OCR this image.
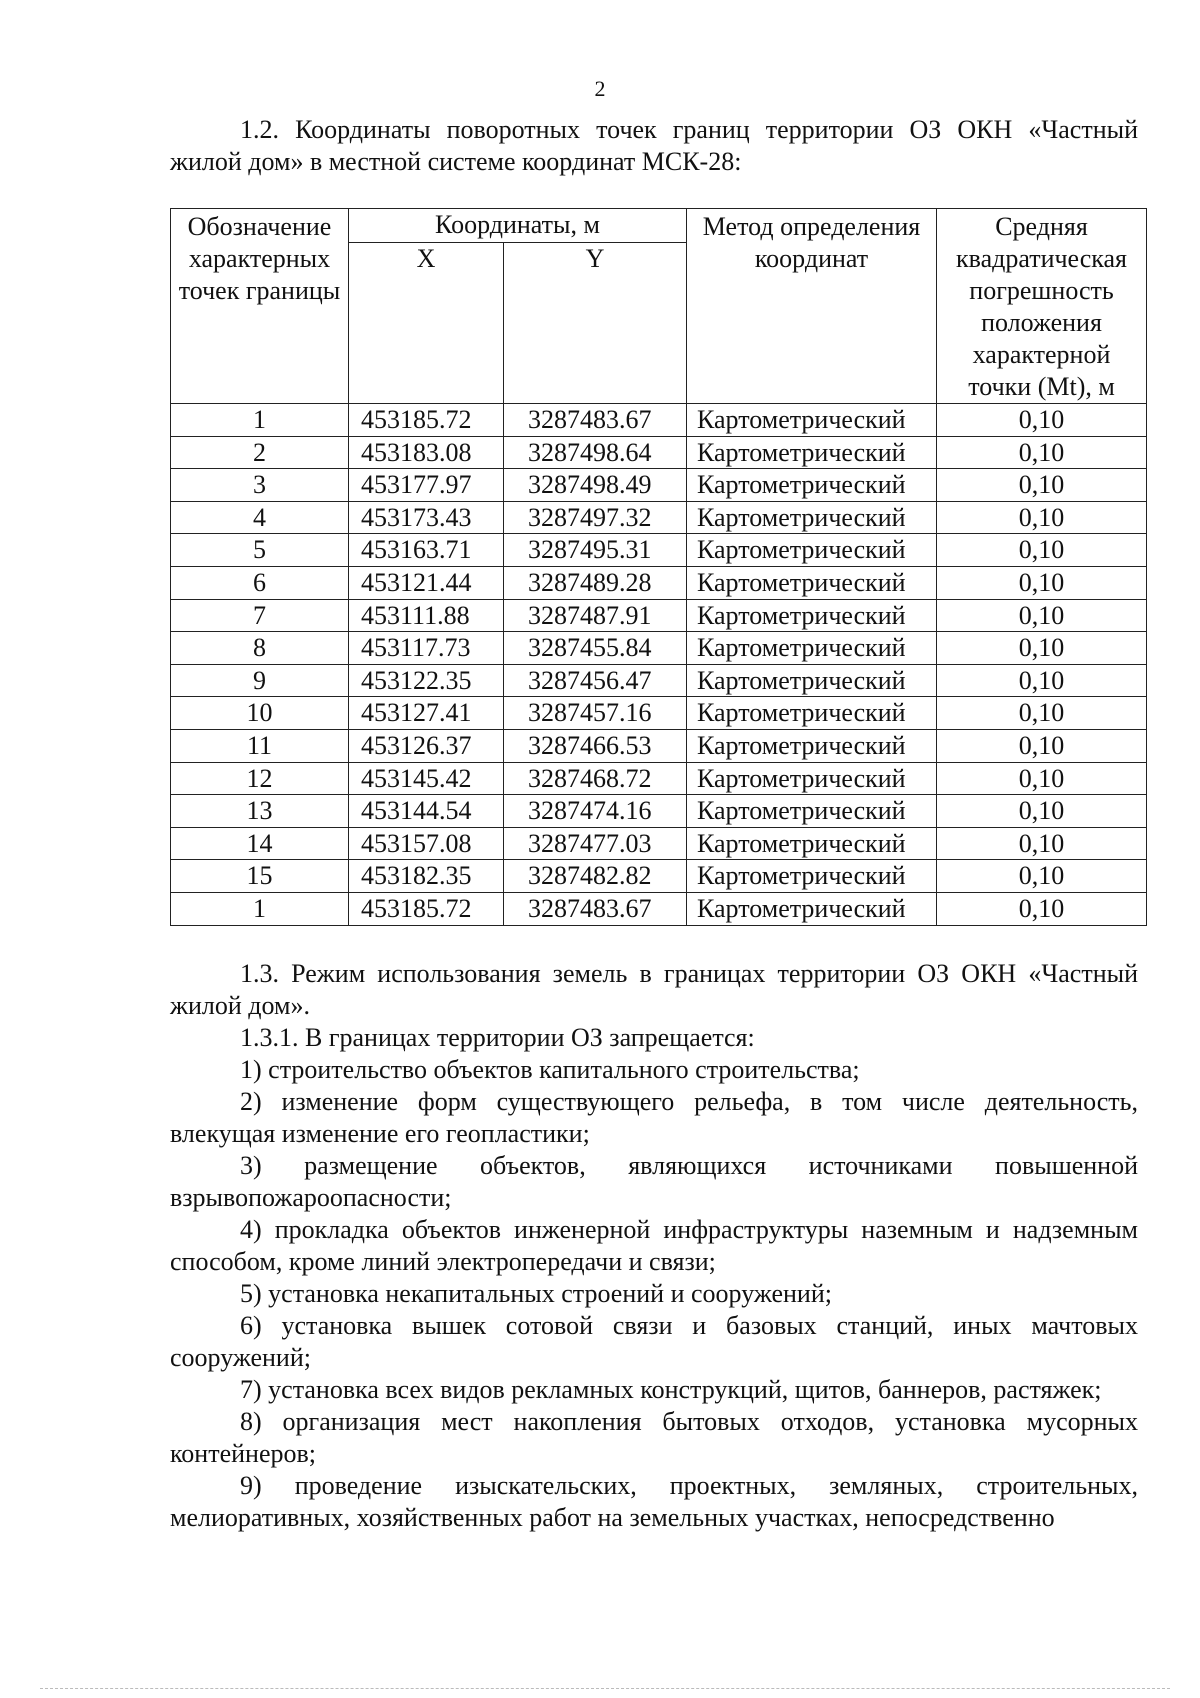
2

1.2. Координаты поворотных точек границ территории ОЗ ОКН «Частный жилой дом» в местной системе координат МСК-28:

Обозначение характерных точек границы	Координаты, м		Метод определения координат	Средняя квадратическая погрешность положения характерной точки (Mt), м
	X	Y		
1	453185.72	3287483.67	Картометрический	0,10
2	453183.08	3287498.64	Картометрический	0,10
3	453177.97	3287498.49	Картометрический	0,10
4	453173.43	3287497.32	Картометрический	0,10
5	453163.71	3287495.31	Картометрический	0,10
6	453121.44	3287489.28	Картометрический	0,10
7	453111.88	3287487.91	Картометрический	0,10
8	453117.73	3287455.84	Картометрический	0,10
9	453122.35	3287456.47	Картометрический	0,10
10	453127.41	3287457.16	Картометрический	0,10
11	453126.37	3287466.53	Картометрический	0,10
12	453145.42	3287468.72	Картометрический	0,10
13	453144.54	3287474.16	Картометрический	0,10
14	453157.08	3287477.03	Картометрический	0,10
15	453182.35	3287482.82	Картометрический	0,10
1	453185.72	3287483.67	Картометрический	0,10

1.3. Режим использования земель в границах территории ОЗ ОКН «Частный жилой дом».

1.3.1. В границах территории ОЗ запрещается:

1) строительство объектов капитального строительства;

2) изменение форм существующего рельефа, в том числе деятельность, влекущая изменение его геопластики;

3) размещение объектов, являющихся источниками повышенной взрывопожароопасности;

4) прокладка объектов инженерной инфраструктуры наземным и надземным способом, кроме линий электропередачи и связи;

5) установка некапитальных строений и сооружений;

6) установка вышек сотовой связи и базовых станций, иных мачтовых сооружений;

7) установка всех видов рекламных конструкций, щитов, баннеров, растяжек;

8) организация мест накопления бытовых отходов, установка мусорных контейнеров;

9) проведение изыскательских, проектных, земляных, строительных, мелиоративных, хозяйственных работ на земельных участках, непосредственно
